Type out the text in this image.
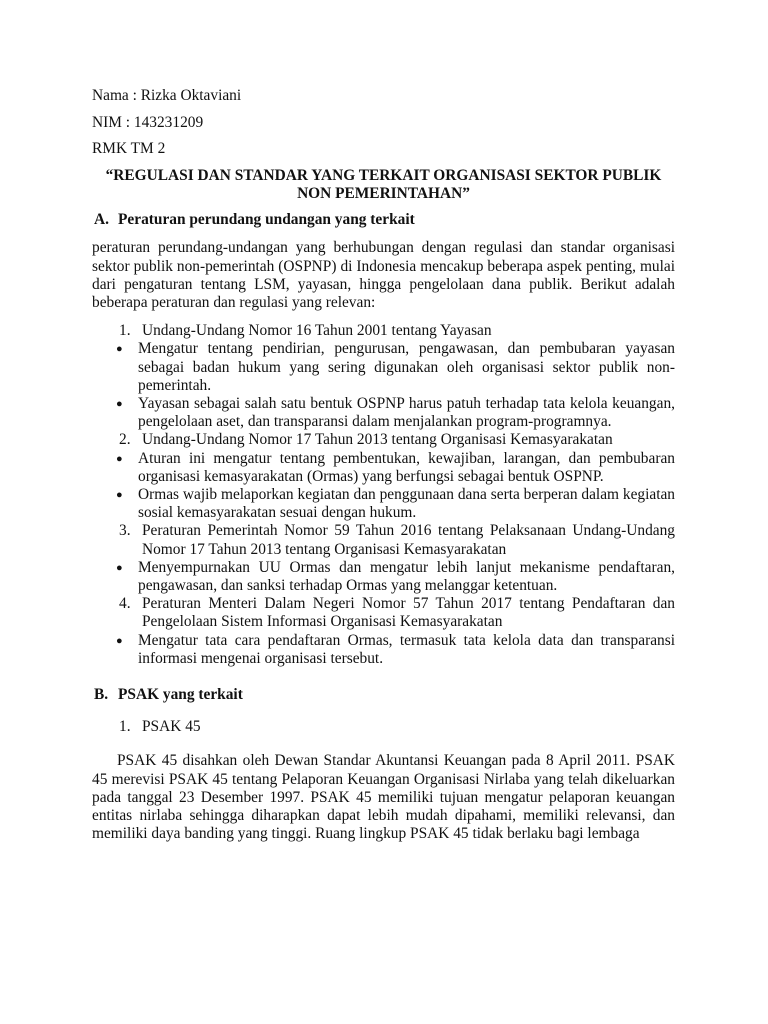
Nama : Rizka Oktaviani

NIM : 143231209

RMK TM 2

“REGULASI DAN STANDAR YANG TERKAIT ORGANISASI SEKTOR PUBLIK NON PEMERINTAHAN”

A. Peraturan perundang undangan yang terkait

peraturan perundang-undangan yang berhubungan dengan regulasi dan standar organisasi sektor publik non-pemerintah (OSPNP) di Indonesia mencakup beberapa aspek penting, mulai dari pengaturan tentang LSM, yayasan, hingga pengelolaan dana publik. Berikut adalah beberapa peraturan dan regulasi yang relevan:

1. Undang-Undang Nomor 16 Tahun 2001 tentang Yayasan
● Mengatur tentang pendirian, pengurusan, pengawasan, dan pembubaran yayasan sebagai badan hukum yang sering digunakan oleh organisasi sektor publik non-pemerintah.
● Yayasan sebagai salah satu bentuk OSPNP harus patuh terhadap tata kelola keuangan, pengelolaan aset, dan transparansi dalam menjalankan program-programnya.
2. Undang-Undang Nomor 17 Tahun 2013 tentang Organisasi Kemasyarakatan
● Aturan ini mengatur tentang pembentukan, kewajiban, larangan, dan pembubaran organisasi kemasyarakatan (Ormas) yang berfungsi sebagai bentuk OSPNP.
● Ormas wajib melaporkan kegiatan dan penggunaan dana serta berperan dalam kegiatan sosial kemasyarakatan sesuai dengan hukum.
3. Peraturan Pemerintah Nomor 59 Tahun 2016 tentang Pelaksanaan Undang-Undang Nomor 17 Tahun 2013 tentang Organisasi Kemasyarakatan
● Menyempurnakan UU Ormas dan mengatur lebih lanjut mekanisme pendaftaran, pengawasan, dan sanksi terhadap Ormas yang melanggar ketentuan.
4. Peraturan Menteri Dalam Negeri Nomor 57 Tahun 2017 tentang Pendaftaran dan Pengelolaan Sistem Informasi Organisasi Kemasyarakatan
● Mengatur tata cara pendaftaran Ormas, termasuk tata kelola data dan transparansi informasi mengenai organisasi tersebut.
B. PSAK yang terkait
1. PSAK 45

PSAK 45 disahkan oleh Dewan Standar Akuntansi Keuangan pada 8 April 2011. PSAK 45 merevisi PSAK 45 tentang Pelaporan Keuangan Organisasi Nirlaba yang telah dikeluarkan pada tanggal 23 Desember 1997. PSAK 45 memiliki tujuan mengatur pelaporan keuangan entitas nirlaba sehingga diharapkan dapat lebih mudah dipahami, memiliki relevansi, dan memiliki daya banding yang tinggi. Ruang lingkup PSAK 45 tidak berlaku bagi lembaga
